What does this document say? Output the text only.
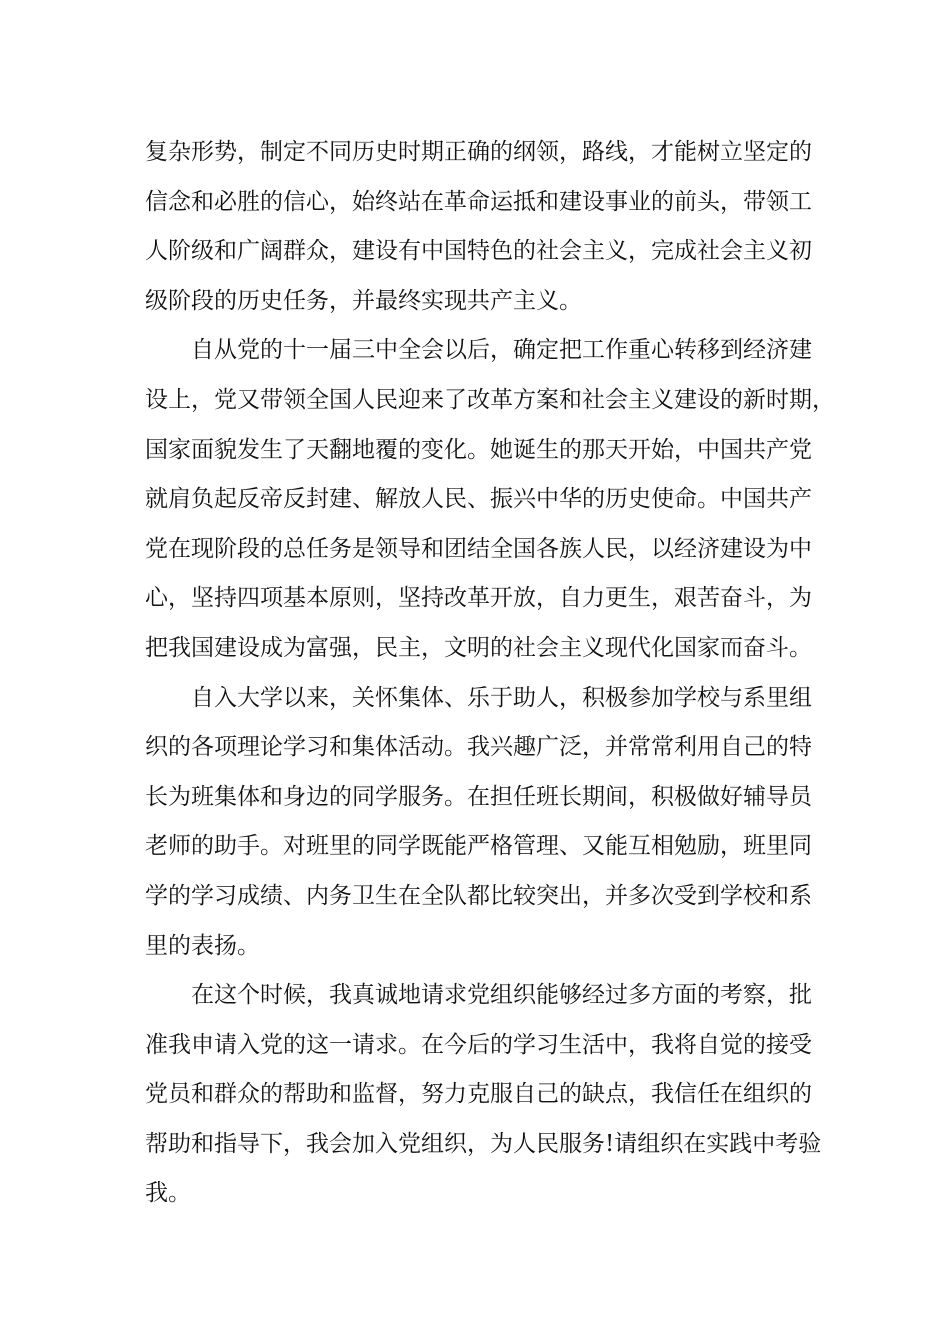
复杂形势，制定不同历史时期正确的纲领，路线，才能树立坚定的
信念和必胜的信心，始终站在革命运抵和建设事业的前头，带领工
人阶级和广阔群众，建设有中国特色的社会主义，完成社会主义初
级阶段的历史任务，并最终实现共产主义。
自从党的十一届三中全会以后，确定把工作重心转移到经济建
设上，党又带领全国人民迎来了改革方案和社会主义建设的新时期，
国家面貌发生了天翻地覆的变化。她诞生的那天开始，中国共产党
就肩负起反帝反封建、解放人民、振兴中华的历史使命。中国共产
党在现阶段的总任务是领导和团结全国各族人民，以经济建设为中
心，坚持四项基本原则，坚持改革开放，自力更生，艰苦奋斗，为
把我国建设成为富强，民主，文明的社会主义现代化国家而奋斗。
自入大学以来，关怀集体、乐于助人，积极参加学校与系里组
织的各项理论学习和集体活动。我兴趣广泛，并常常利用自己的特
长为班集体和身边的同学服务。在担任班长期间，积极做好辅导员
老师的助手。对班里的同学既能严格管理、又能互相勉励，班里同
学的学习成绩、内务卫生在全队都比较突出，并多次受到学校和系
里的表扬。
在这个时候，我真诚地请求党组织能够经过多方面的考察，批
准我申请入党的这一请求。在今后的学习生活中，我将自觉的接受
党员和群众的帮助和监督，努力克服自己的缺点，我信任在组织的
帮助和指导下，我会加入党组织，为人民服务!请组织在实践中考验
我。
